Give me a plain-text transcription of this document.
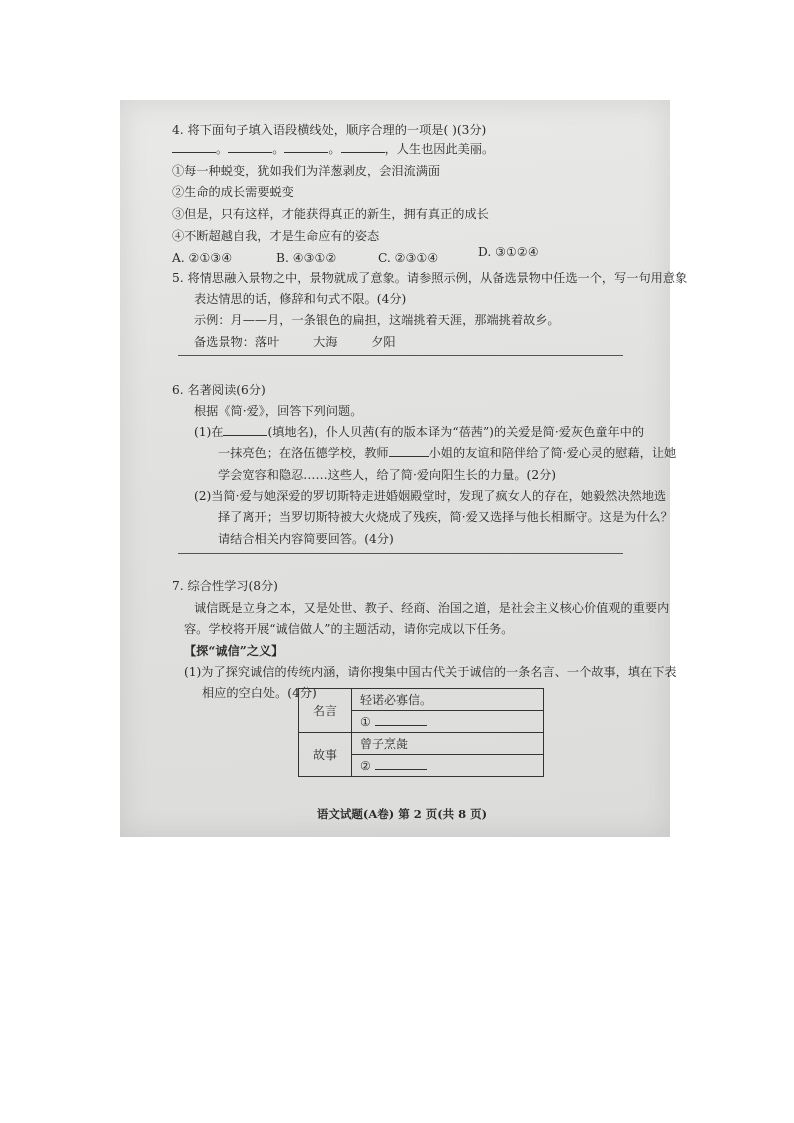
4. 将下面句子填入语段横线处，顺序合理的一项是( )(3分)
。	。	。	，人生也因此美丽。
①每一种蜕变，犹如我们为洋葱剥皮，会泪流满面
②生命的成长需要蜕变
③但是，只有这样，才能获得真正的新生，拥有真正的成长
④不断超越自我，才是生命应有的姿态
D. ③①②④
A. ②①③④	B. ④③①②	C. ②③①④
5. 将情思融入景物之中，景物就成了意象。请参照示例，从备选景物中任选一个，写一句用意象
表达情思的话，修辞和句式不限。(4分)
示例：月——月，一条银色的扁担，这端挑着天涯，那端挑着故乡。
备选景物：落叶	大海	夕阳
6. 名著阅读(6分)
根据《简·爱》，回答下列问题。
(1)在	(填地名)，仆人贝茜(有的版本译为“蓓茜”)的关爱是简·爱灰色童年中的
一抹亮色；在洛伍德学校，教师	小姐的友谊和陪伴给了简·爱心灵的慰藉，让她
学会宽容和隐忍……这些人，给了简·爱向阳生长的力量。(2分)
(2)当简·爱与她深爱的罗切斯特走进婚姻殿堂时，发现了疯女人的存在，她毅然决然地选
择了离开；当罗切斯特被大火烧成了残疾，简·爱又选择与他长相厮守。这是为什么？
请结合相关内容简要回答。(4分)
7. 综合性学习(8分)
诚信既是立身之本，又是处世、教子、经商、治国之道，是社会主义核心价值观的重要内
容。学校将开展“诚信做人”的主题活动，请你完成以下任务。
【探“诚信”之义】
(1)为了探究诚信的传统内涵，请你搜集中国古代关于诚信的一条名言、一个故事，填在下表
相应的空白处。(4分)
名言	轻诺必寡信。
	①
故事	曾子烹彘
	②
语文试题(A卷) 第 2 页(共 8 页)
